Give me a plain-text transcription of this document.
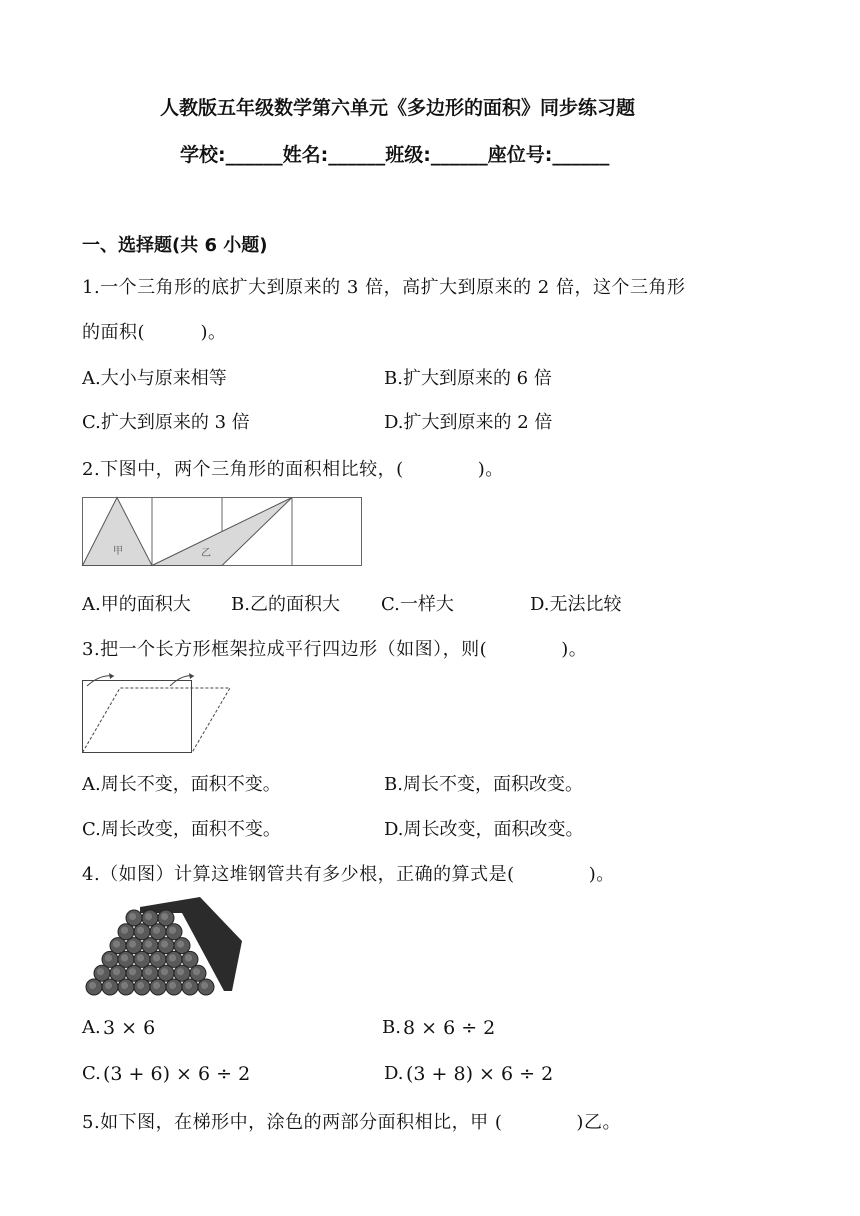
人教版五年级数学第六单元《多边形的面积》同步练习题
学校:______姓名:______班级:______座位号:______
一、选择题(共 6 小题)
1.一个三角形的底扩大到原来的 3 倍，高扩大到原来的 2 倍，这个三角形
的面积(　　　)。
A.大小与原来相等	B.扩大到原来的 6 倍
C.扩大到原来的 3 倍	D.扩大到原来的 2 倍
2.下图中，两个三角形的面积相比较，(　　　　)。
甲	乙
A.甲的面积大 B.乙的面积大 C.一样大	D.无法比较
3.把一个长方形框架拉成平行四边形（如图），则(　　　　)。
A.周长不变，面积不变。	B.周长不变，面积改变。
C.周长改变，面积不变。	D.周长改变，面积改变。
4.（如图）计算这堆钢管共有多少根，正确的算式是(　　　　)。
A. 3 × 6	B. 8 × 6 ÷ 2
C. (3 + 6) × 6 ÷ 2	D. (3 + 8) × 6 ÷ 2
5.如下图，在梯形中，涂色的两部分面积相比，甲 (　　　　)乙。
